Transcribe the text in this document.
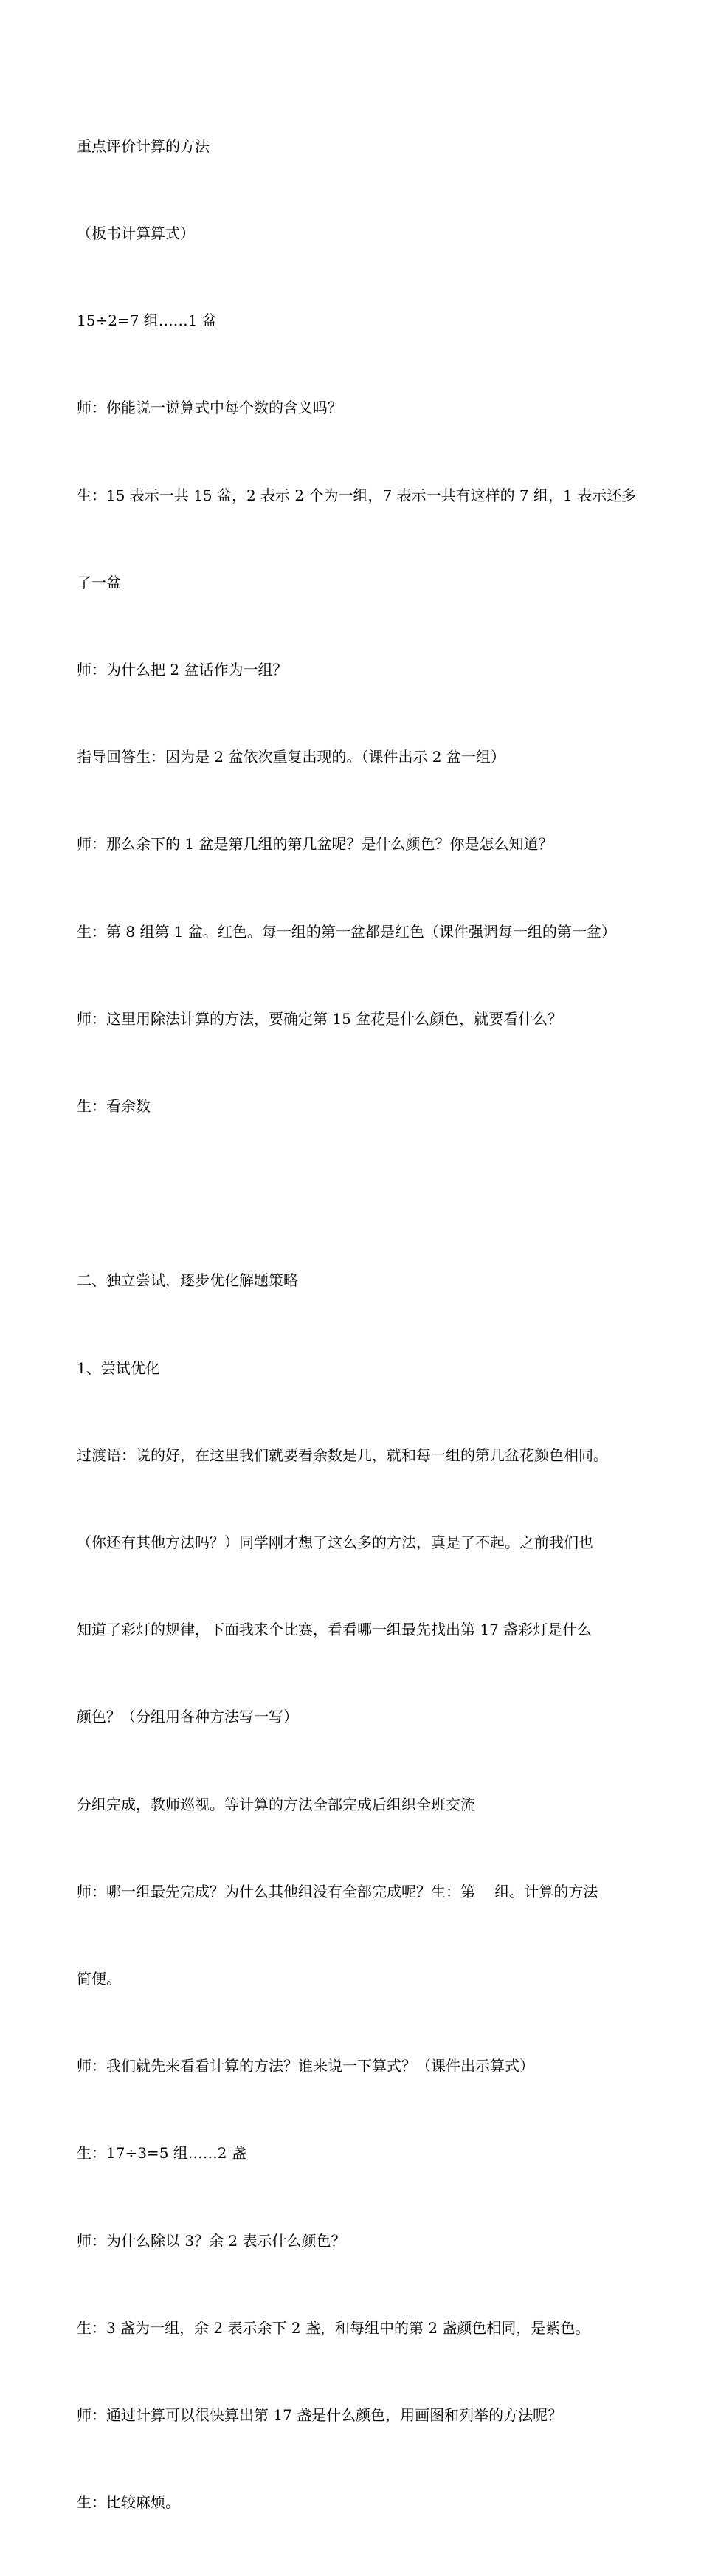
重点评价计算的方法

（板书计算算式）

15÷2=7 组……1 盆

师：你能说一说算式中每个数的含义吗？

生：15 表示一共 15 盆，2 表示 2 个为一组，7 表示一共有这样的 7 组，1 表示还多

了一盆

师：为什么把 2 盆话作为一组？

指导回答生：因为是 2 盆依次重复出现的。（课件出示 2 盆一组）

师：那么余下的 1 盆是第几组的第几盆呢？是什么颜色？你是怎么知道？

生：第 8 组第 1 盆。红色。每一组的第一盆都是红色（课件强调每一组的第一盆）

师：这里用除法计算的方法，要确定第 15 盆花是什么颜色，就要看什么？

生：看余数

二、独立尝试，逐步优化解题策略

1、尝试优化

过渡语：说的好，在这里我们就要看余数是几，就和每一组的第几盆花颜色相同。

（你还有其他方法吗？）同学刚才想了这么多的方法，真是了不起。之前我们也

知道了彩灯的规律，下面我来个比赛，看看哪一组最先找出第 17 盏彩灯是什么

颜色？（分组用各种方法写一写）

分组完成，教师巡视。等计算的方法全部完成后组织全班交流

师：哪一组最先完成？为什么其他组没有全部完成呢？生：第　 组。计算的方法

简便。

师：我们就先来看看计算的方法？谁来说一下算式？（课件出示算式）

生：17÷3=5 组……2 盏

师：为什么除以 3？余 2 表示什么颜色？

生：3 盏为一组，余 2 表示余下 2 盏，和每组中的第 2 盏颜色相同，是紫色。

师：通过计算可以很快算出第 17 盏是什么颜色，用画图和列举的方法呢？

生：比较麻烦。
